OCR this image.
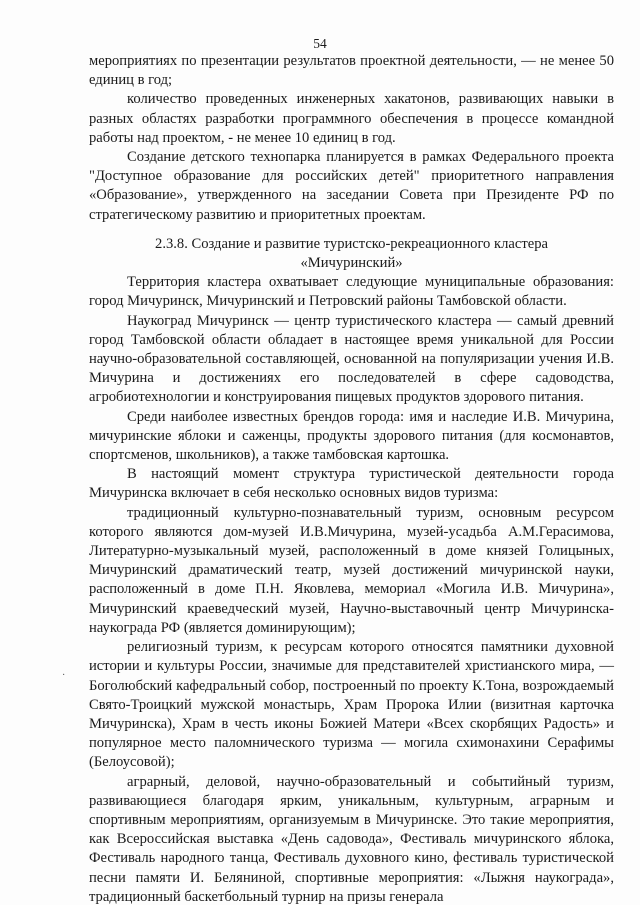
54

мероприятиях по презентации результатов проектной деятельности, — не менее 50 единиц в год;

количество проведенных инженерных хакатонов, развивающих навыки в разных областях разработки программного обеспечения в процессе командной работы над проектом, - не менее 10 единиц в год.

Создание детского технопарка планируется в рамках Федерального проекта "Доступное образование для российских детей" приоритетного направления «Образование», утвержденного на заседании Совета при Президенте РФ по стратегическому развитию и приоритетных проектам.

2.3.8. Создание и развитие туристско-рекреационного кластера
«Мичуринский»

Территория кластера охватывает следующие муниципальные образования: город Мичуринск, Мичуринский и Петровский районы Тамбовской области.

Наукоград Мичуринск — центр туристического кластера — самый древний город Тамбовской области обладает в настоящее время уникальной для России научно-образовательной составляющей, основанной на популяризации учения И.В. Мичурина и достижениях его последователей в сфере садоводства, агробиотехнологии и конструирования пищевых продуктов здорового питания.

Среди наиболее известных брендов города: имя и наследие И.В. Мичурина, мичуринские яблоки и саженцы, продукты здорового питания (для космонавтов, спортсменов, школьников), а также тамбовская картошка.

В настоящий момент структура туристической деятельности города Мичуринска включает в себя несколько основных видов туризма:

традиционный культурно-познавательный туризм, основным ресурсом которого являются дом-музей И.В.Мичурина, музей-усадьба А.М.Герасимова, Литературно-музыкальный музей, расположенный в доме князей Голицыных, Мичуринский драматический театр, музей достижений мичуринской науки, расположенный в доме П.Н. Яковлева, мемориал «Могила И.В. Мичурина», Мичуринский краеведческий музей, Научно-выставочный центр Мичуринска-наукограда РФ (является доминирующим);

религиозный туризм, к ресурсам которого относятся памятники духовной истории и культуры России, значимые для представителей христианского мира, — Боголюбский кафедральный собор, построенный по проекту К.Тона, возрождаемый Свято-Троицкий мужской монастырь, Храм Пророка Илии (визитная карточка Мичуринска), Храм в честь иконы Божией Матери «Всех скорбящих Радость» и популярное место паломнического туризма — могила схимонахини Серафимы (Белоусовой);

аграрный, деловой, научно-образовательный и событийный туризм, развивающиеся благодаря ярким, уникальным, культурным, аграрным и спортивным мероприятиям, организуемым в Мичуринске. Это такие мероприятия, как Всероссийская выставка «День садовода», Фестиваль мичуринского яблока, Фестиваль народного танца, Фестиваль духовного кино, фестиваль туристической песни памяти И. Беляниной, спортивные мероприятия: «Лыжня наукограда», традиционный баскетбольный турнир на призы генерала

·
